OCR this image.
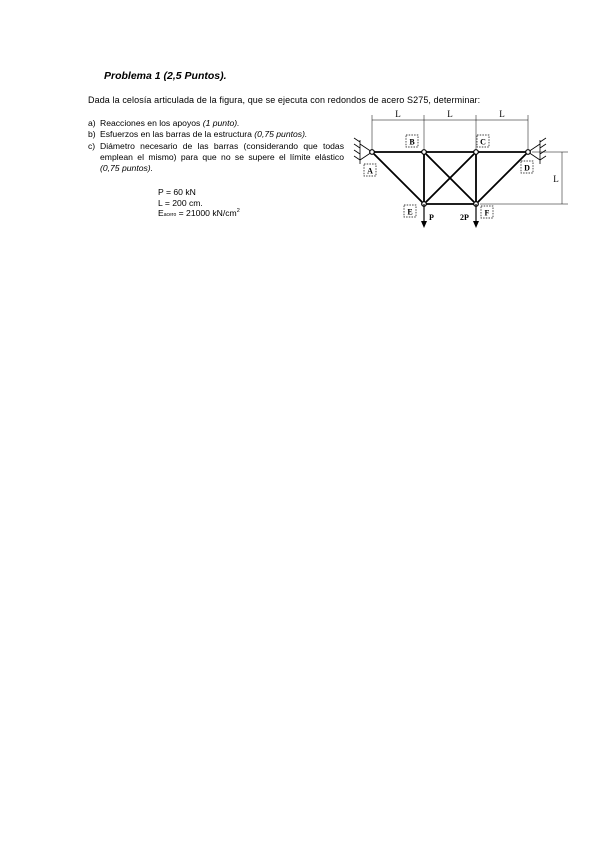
Problema 1 (2,5 Puntos).
Dada la celosía articulada de la figura, que se ejecuta con redondos de acero S275, determinar:
a) Reacciones en los apoyos (1 punto).
b) Esfuerzos en las barras de la estructura (0,75 puntos).
c) Diámetro necesario de las barras (considerando que todas emplean el mismo) para que no se supere el límite elástico (0,75 puntos).
P = 60 kN
L = 200 cm.
Eacero = 21000 $kN/cm^2$
L	L	L
L
P	2P
A
B	C
D
E	F
